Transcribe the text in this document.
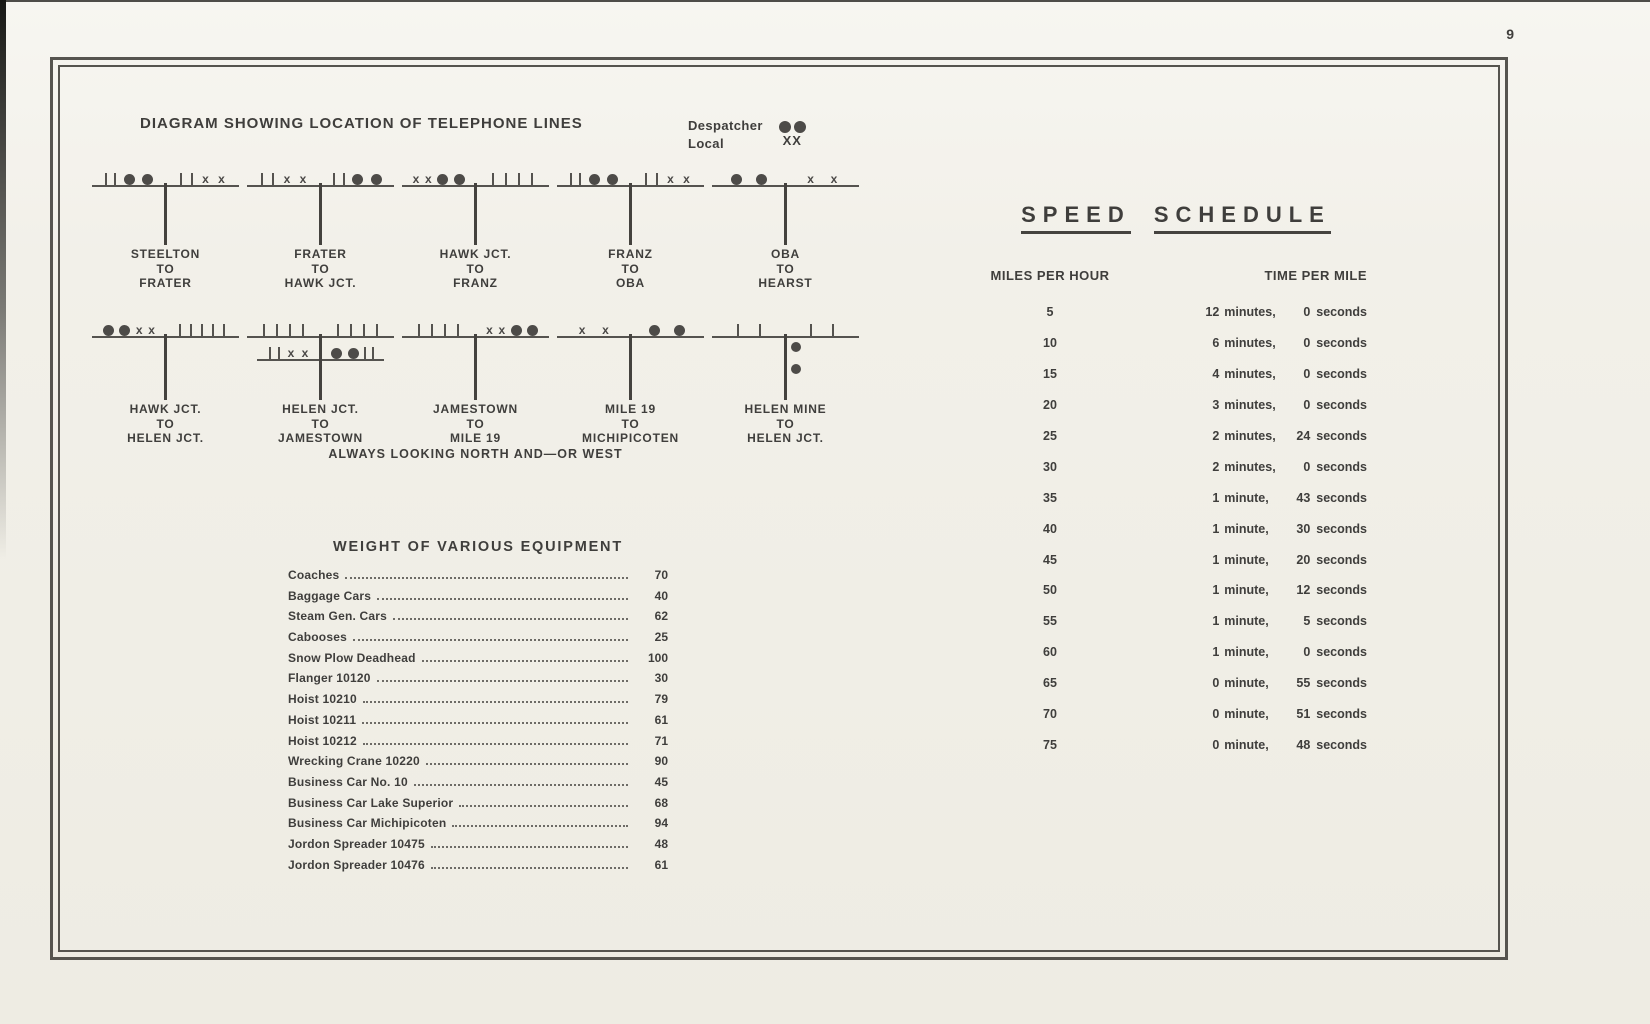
9
DIAGRAM SHOWING LOCATION OF TELEPHONE LINES	Despatcher
Local	XX
x x
STEELTON
TO
FRATER
x x
FRATER
TO
HAWK JCT.
x x
HAWK JCT.
TO
FRANZ
x x
FRANZ
TO
OBA
x x
OBA
TO
HEARST
x x
HAWK JCT.
TO
HELEN JCT.
x x
HELEN JCT.
TO
JAMESTOWN
x x
JAMESTOWN
TO
MILE 19
x x
MILE 19
TO
MICHIPICOTEN
HELEN MINE
TO
HELEN JCT.
ALWAYS LOOKING NORTH AND—OR WEST
WEIGHT OF VARIOUS EQUIPMENT
Coaches	70
Baggage Cars	40
Steam Gen. Cars	62
Cabooses	25
Snow Plow Deadhead	100
Flanger 10120	30
Hoist 10210	79
Hoist 10211	61
Hoist 10212	71
Wrecking Crane 10220	90
Business Car No. 10	45
Business Car Lake Superior	68
Business Car Michipicoten	94
Jordon Spreader 10475	48
Jordon Spreader 10476	61
SPEED SCHEDULE
MILES PER HOUR	TIME PER MILE
5	12 minutes,	0 seconds
10	6 minutes,	0 seconds
15	4 minutes,	0 seconds
20	3 minutes,	0 seconds
25	2 minutes,	24 seconds
30	2 minutes,	0 seconds
35	1 minute,	43 seconds
40	1 minute,	30 seconds
45	1 minute,	20 seconds
50	1 minute,	12 seconds
55	1 minute,	5 seconds
60	1 minute,	0 seconds
65	0 minute,	55 seconds
70	0 minute,	51 seconds
75	0 minute,	48 seconds
